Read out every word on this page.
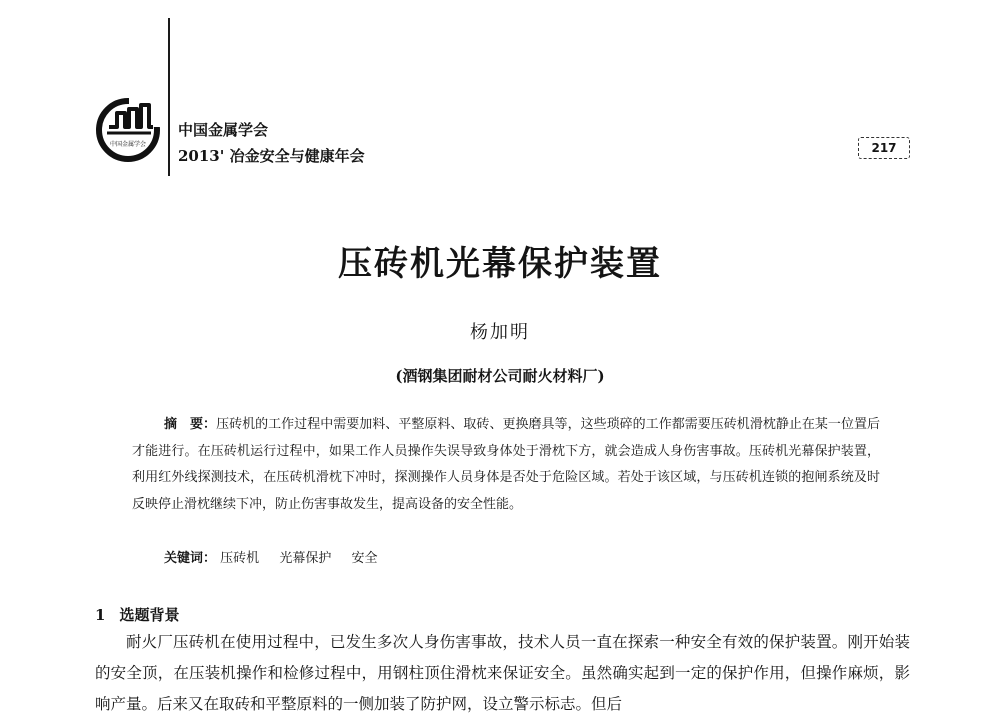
中国金属学会
中国金属学会
2013' 冶金安全与健康年会	217
压砖机光幕保护装置
杨加明
(酒钢集团耐材公司耐火材料厂)

摘　要：压砖机的工作过程中需要加料、平整原料、取砖、更换磨具等，这些琐碎的工作都需要压砖机滑枕静止在某一位置后才能进行。在压砖机运行过程中，如果工作人员操作失误导致身体处于滑枕下方，就会造成人身伤害事故。压砖机光幕保护装置，利用红外线探测技术，在压砖机滑枕下冲时，探测操作人员身体是否处于危险区域。若处于该区域，与压砖机连锁的抱闸系统及时反映停止滑枕继续下冲，防止伤害事故发生，提高设备的安全性能。

关键词： 压砖机 光幕保护 安全
1 选题背景

耐火厂压砖机在使用过程中，已发生多次人身伤害事故，技术人员一直在探索一种安全有效的保护装置。刚开始装的安全顶，在压装机操作和检修过程中，用钢柱顶住滑枕来保证安全。虽然确实起到一定的保护作用，但操作麻烦，影响产量。后来又在取砖和平整原料的一侧加装了防护网，设立警示标志。但后
